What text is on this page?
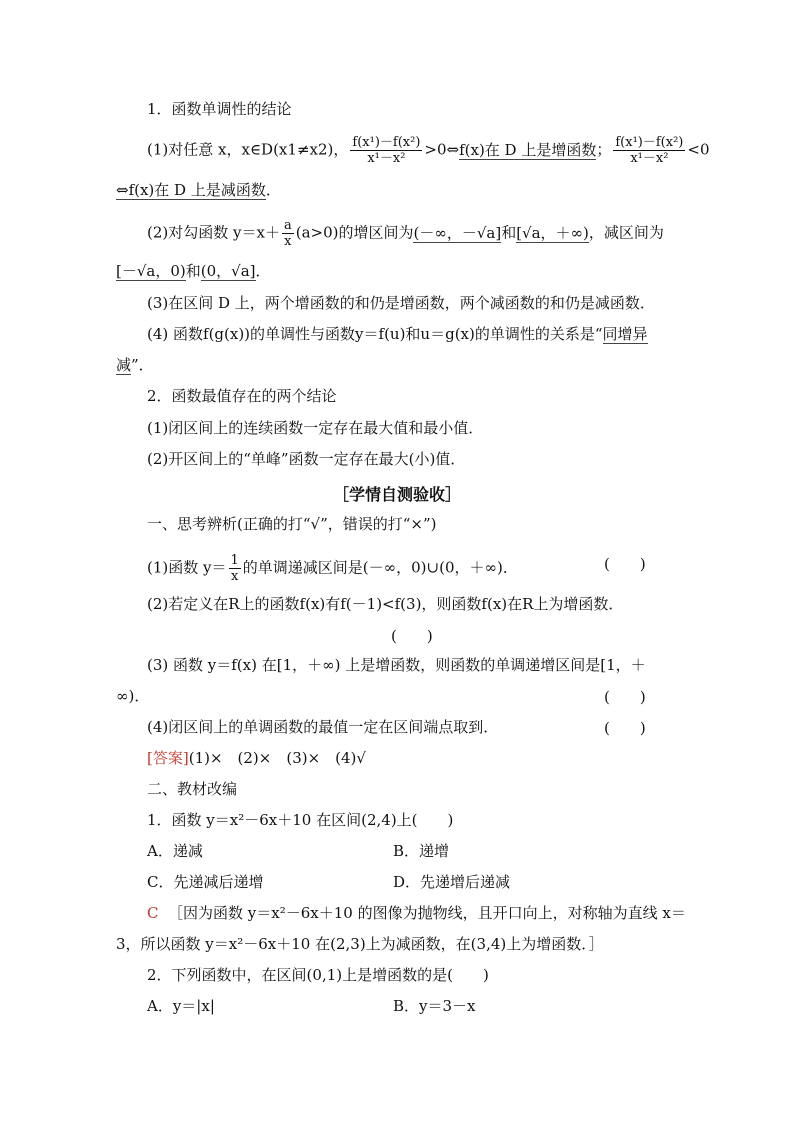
1．函数单调性的结论
(1)对任意 x，x∈D(x1≠x2)， $\frac{\text{f(x¹)－f(x²)}}{\text{x¹－x²}}$ >0⇔f(x)在 D 上是增函数； $\frac{\text{f(x¹)－f(x²)}}{\text{x¹－x²}} <0$
⇔f(x)在 D 上是减函数．
(2)对勾函数 $y=x+ \frac{a}{x} (a>0)$的增区间为(－∞，－√a]和[√a，＋∞)，减区间为
[－√a，0)和(0，√a]．
(3)在区间 D 上，两个增函数的和仍是增函数，两个减函数的和仍是减函数．
(4) 函数f(g(x))的单调性与函数y＝f(u)和u＝g(x)的单调性的关系是“同增异
减”．
2．函数最值存在的两个结论
(1)闭区间上的连续函数一定存在最大值和最小值．
(2)开区间上的“单峰”函数一定存在最大(小)值．
［学情自测验收］
一、思考辨析(正确的打“√”，错误的打“×”)
(1)函数 $y= \frac{1}{x}$ 的单调递减区间是(－∞，0)∪(0，＋∞)．	(　　)
(2)若定义在R上的函数f(x)有f(－1)<f(3)，则函数f(x)在R上为增函数．
(　　)
(3) 函数 y＝f(x) 在[1，＋∞) 上是增函数，则函数的单调递增区间是[1，＋
∞)．	(　　)
(4)闭区间上的单调函数的最值一定在区间端点取到．	(　　)
[答案](1)×　(2)×　(3)×　(4)√
二、教材改编
1．函数 y＝x²－6x＋10 在区间(2,4)上(　　)
A．递减	B．递增
C．先递减后递增	D．先递增后递减
C ［因为函数 y＝x²－6x＋10 的图像为抛物线，且开口向上，对称轴为直线 x＝
3，所以函数 y＝x²－6x＋10 在(2,3)上为减函数，在(3,4)上为增函数．］
2．下列函数中，在区间(0,1)上是增函数的是(　　)
A．y＝|x|	B．y＝3－x
